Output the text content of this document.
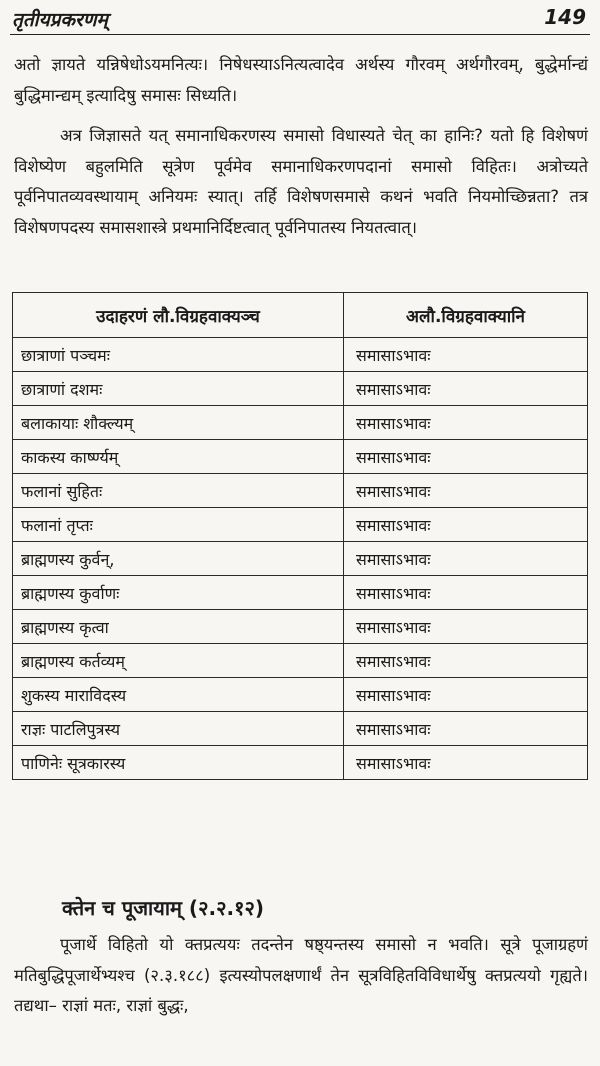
तृतीयप्रकरणम्	149
अतो ज्ञायते यन्निषेधोऽयमनित्यः। निषेधस्याऽनित्यत्वादेव अर्थस्य गौरवम् अर्थगौरवम्, बुद्धेर्मान्द्यं बुद्धिमान्द्यम् इत्यादिषु समासः सिध्यति।
अत्र जिज्ञासते यत् समानाधिकरणस्य समासो विधास्यते चेत् का हानिः? यतो हि विशेषणं विशेष्येण बहुलमिति सूत्रेण पूर्वमेव समानाधिकरणपदानां समासो विहितः। अत्रोच्यते पूर्वनिपातव्यवस्थायाम् अनियमः स्यात्। तर्हि विशेषणसमासे कथनं भवति नियमोच्छिन्नता? तत्र विशेषणपदस्य समासशास्त्रे प्रथमानिर्दिष्टत्वात् पूर्वनिपातस्य नियतत्वात्।
उदाहरणं लौ.विग्रहवाक्यञ्च	अलौ.विग्रहवाक्यानि
छात्राणां पञ्चमः	समासाऽभावः
छात्राणां दशमः	समासाऽभावः
बलाकायाः शौक्ल्यम्	समासाऽभावः
काकस्य कार्ष्ण्यम्	समासाऽभावः
फलानां सुहितः	समासाऽभावः
फलानां तृप्तः	समासाऽभावः
ब्राह्मणस्य कुर्वन्,	समासाऽभावः
ब्राह्मणस्य कुर्वाणः	समासाऽभावः
ब्राह्मणस्य कृत्वा	समासाऽभावः
ब्राह्मणस्य कर्तव्यम्	समासाऽभावः
शुकस्य माराविदस्य	समासाऽभावः
राज्ञः पाटलिपुत्रस्य	समासाऽभावः
पाणिनेः सूत्रकारस्य	समासाऽभावः
क्तेन च पूजायाम् (२.२.१२)
पूजार्थे विहितो यो क्तप्रत्ययः तदन्तेन षष्ठ्यन्तस्य समासो न भवति। सूत्रे पूजाग्रहणं मतिबुद्धिपूजार्थेभ्यश्च (२.३.१८८) इत्यस्योपलक्षणार्थं तेन सूत्रविहितविविधार्थेषु क्तप्रत्ययो गृह्यते। तद्यथा– राज्ञां मतः, राज्ञां बुद्धः,
